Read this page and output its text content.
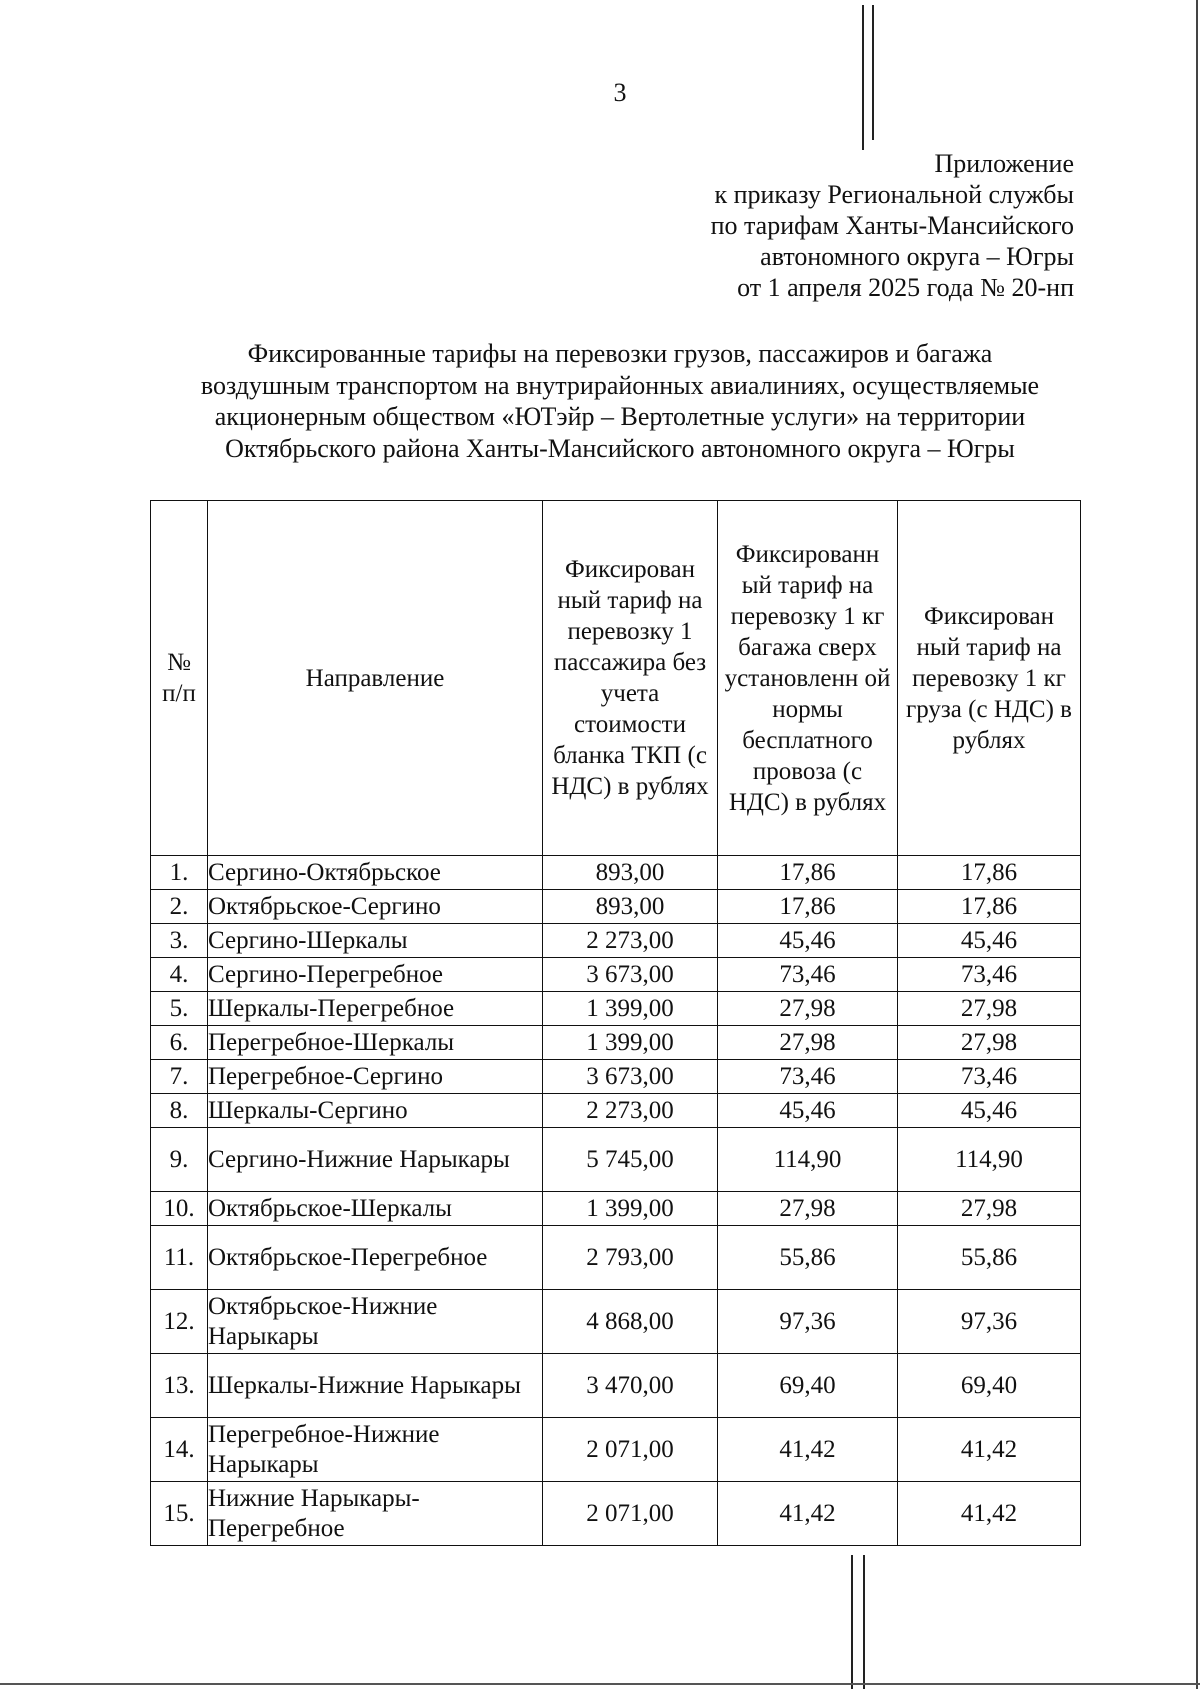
3
Приложение
к приказу Региональной службы
по тарифам Ханты-Мансийского
автономного округа – Югры
от 1 апреля 2025 года № 20-нп
Фиксированные тарифы на перевозки грузов, пассажиров и багажа
воздушным транспортом на внутрирайонных авиалиниях, осуществляемые
акционерным обществом «ЮТэйр – Вертолетные услуги» на территории
Октябрьского района Ханты-Мансийского автономного округа – Югры
№ п/п	Направление	Фиксирован ный тариф на перевозку 1 пассажира без учета стоимости бланка ТКП (с НДС) в рублях	Фиксированн ый тариф на перевозку 1 кг багажа сверх установленн ой нормы бесплатного провоза (с НДС) в рублях	Фиксирован ный тариф на перевозку 1 кг груза (с НДС) в рублях
1.	Сергино-Октябрьское	893,00	17,86	17,86
2.	Октябрьское-Сергино	893,00	17,86	17,86
3.	Сергино-Шеркалы	2 273,00	45,46	45,46
4.	Сергино-Перегребное	3 673,00	73,46	73,46
5.	Шеркалы-Перегребное	1 399,00	27,98	27,98
6.	Перегребное-Шеркалы	1 399,00	27,98	27,98
7.	Перегребное-Сергино	3 673,00	73,46	73,46
8.	Шеркалы-Сергино	2 273,00	45,46	45,46
9.	Сергино-Нижние Нарыкары	5 745,00	114,90	114,90
10.	Октябрьское-Шеркалы	1 399,00	27,98	27,98
11.	Октябрьское-Перегребное	2 793,00	55,86	55,86
12.	Октябрьское-Нижние Нарыкары	4 868,00	97,36	97,36
13.	Шеркалы-Нижние Нарыкары	3 470,00	69,40	69,40
14.	Перегребное-Нижние Нарыкары	2 071,00	41,42	41,42
15.	Нижние Нарыкары-Перегребное	2 071,00	41,42	41,42
